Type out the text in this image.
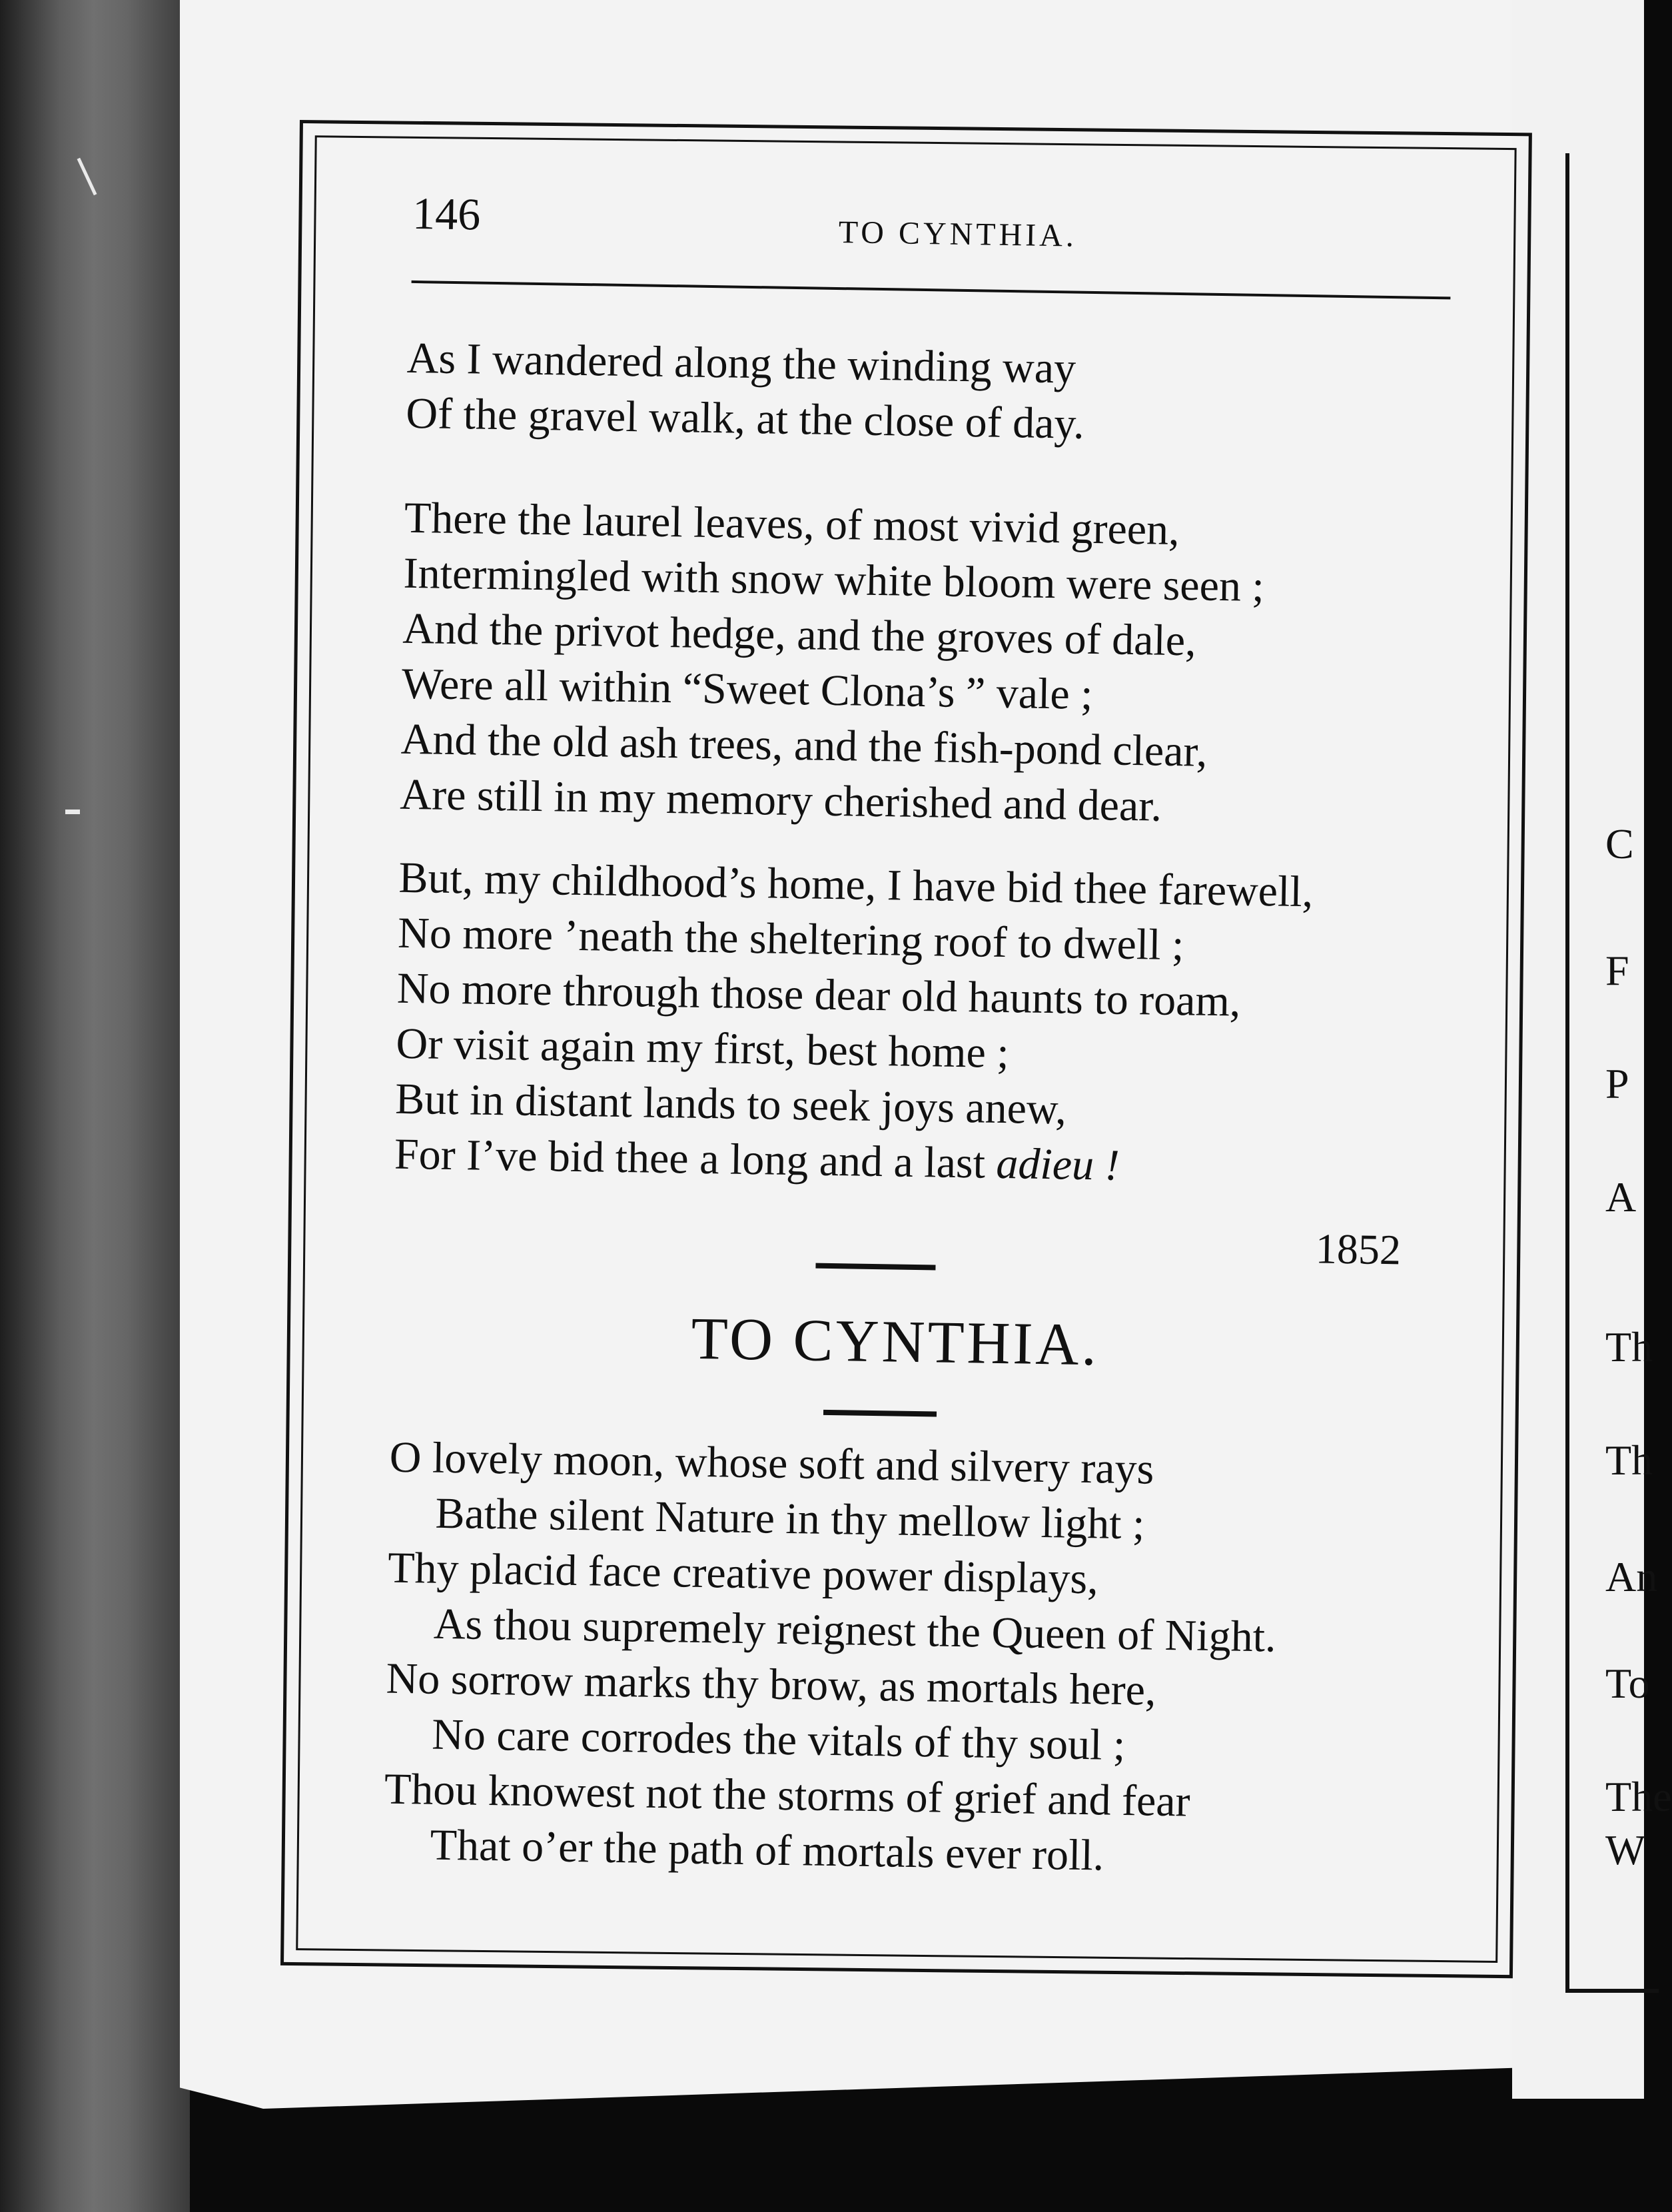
C
F
P
A
Th
Th
An
To
The
W
146	TO CYNTHIA.
As I wandered along the winding way
Of the gravel walk, at the close of day.
There the laurel leaves, of most vivid green,
Intermingled with snow white bloom were seen ;
And the privot hedge, and the groves of dale,
Were all within “Sweet Clona’s ” vale ;
And the old ash trees, and the fish-pond clear,
Are still in my memory cherished and dear.
But, my childhood’s home, I have bid thee farewell,
No more ’neath the sheltering roof to dwell ;
No more through those dear old haunts to roam,
Or visit again my first, best home ;
But in distant lands to seek joys anew,
For I’ve bid thee a long and a last adieu !
1852
TO CYNTHIA.
O lovely moon, whose soft and silvery rays
Bathe silent Nature in thy mellow light ;
Thy placid face creative power displays,
As thou supremely reignest the Queen of Night.
No sorrow marks thy brow, as mortals here,
No care corrodes the vitals of thy soul ;
Thou knowest not the storms of grief and fear
That o’er the path of mortals ever roll.
